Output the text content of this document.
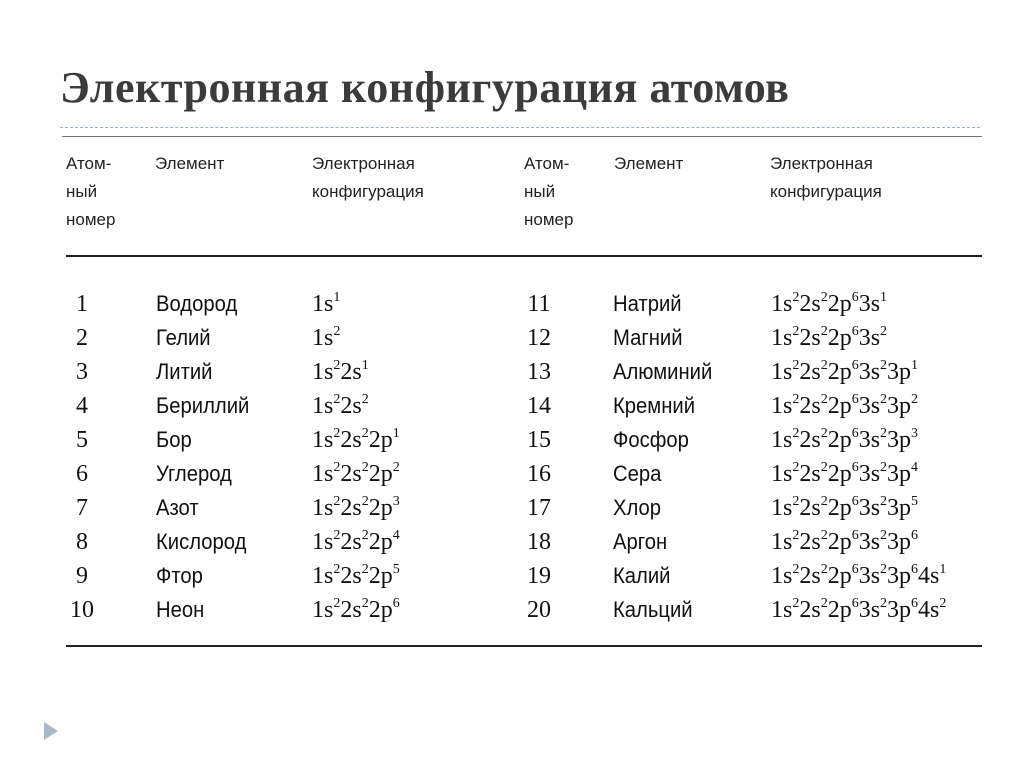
Электронная конфигурация атомов
Атом-
ный
номер
Элемент	Электронная
конфигурация
Атом-
ный
номер
Элемент	Электронная
конфигурация
1	Водород	$1s^1$	11	Натрий	$1s^22s^22p^63s^1$
2	Гелий	$1s^2$	12	Магний	$1s^22s^22p^63s^2$
3	Литий	$1s^22s^1$	13	Алюминий $1s^22s^22p^63s^23p^1$
4	Бериллий	$1s^22s^2$	14	Кремний	$1s^22s^22p^63s^23p^2$
5	Бор	$1s^22s^22p^1$	15	Фосфор	$1s^22s^22p^63s^23p^3$
6	Углерод	$1s^22s^22p^2$	16	Сера	$1s^22s^22p^63s^23p^4$
7	Азот	$1s^22s^22p^3$	17	Хлор	$1s^22s^22p^63s^23p^5$
8	Кислород	$1s^22s^22p^4$	18	Аргон	$1s^22s^22p^63s^23p^6$
9	Фтор	$1s^22s^22p^5$	19	Калий	$1s^22s^22p^63s^23p^64s^1$
10	Неон	$1s^22s^22p^6$	20	Кальций	$1s^22s^22p^63s^23p^64s^2$
